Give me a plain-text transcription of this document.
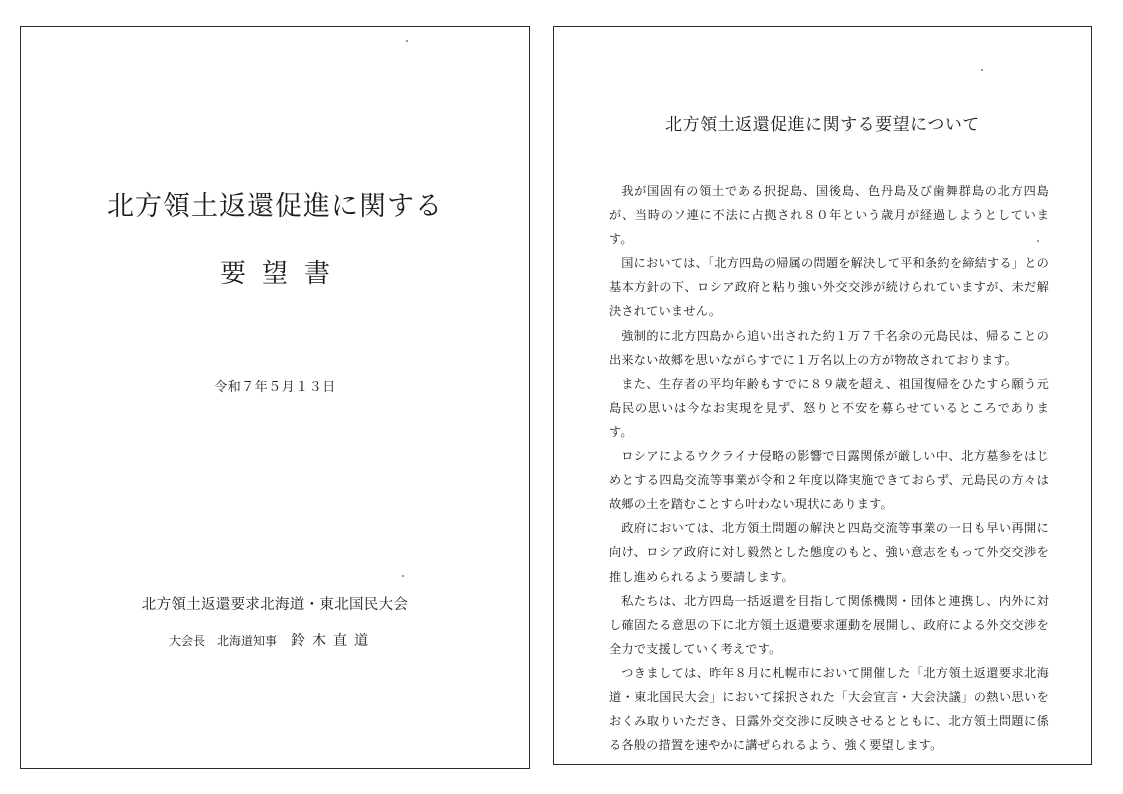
北方領土返還促進に関する
要望書
令和７年５月１３日
北方領土返還要求北海道・東北国民大会
大会長　北海道知事 鈴木直道
北方領土返還促進に関する要望について

我が国固有の領土である択捉島、国後島、色丹島及び歯舞群島の北方四島が、当時のソ連に不法に占拠され８０年という歳月が経過しようとしています。

国においては、「北方四島の帰属の問題を解決して平和条約を締結する」との基本方針の下、ロシア政府と粘り強い外交交渉が続けられていますが、未だ解決されていません。

強制的に北方四島から追い出された約１万７千名余の元島民は、帰ることの出来ない故郷を思いながらすでに１万名以上の方が物故されております。

また、生存者の平均年齢もすでに８９歳を超え、祖国復帰をひたすら願う元島民の思いは今なお実現を見ず、怒りと不安を募らせているところであります。

ロシアによるウクライナ侵略の影響で日露関係が厳しい中、北方墓参をはじめとする四島交流等事業が令和２年度以降実施できておらず、元島民の方々は故郷の土を踏むことすら叶わない現状にあります。

政府においては、北方領土問題の解決と四島交流等事業の一日も早い再開に向け、ロシア政府に対し毅然とした態度のもと、強い意志をもって外交交渉を推し進められるよう要請します。

私たちは、北方四島一括返還を目指して関係機関・団体と連携し、内外に対し確固たる意思の下に北方領土返還要求運動を展開し、政府による外交交渉を全力で支援していく考えです。

つきましては、昨年８月に札幌市において開催した「北方領土返還要求北海道・東北国民大会」において採択された「大会宣言・大会決議」の熱い思いをおくみ取りいただき、日露外交交渉に反映させるとともに、北方領土問題に係る各般の措置を速やかに講ぜられるよう、強く要望します。
